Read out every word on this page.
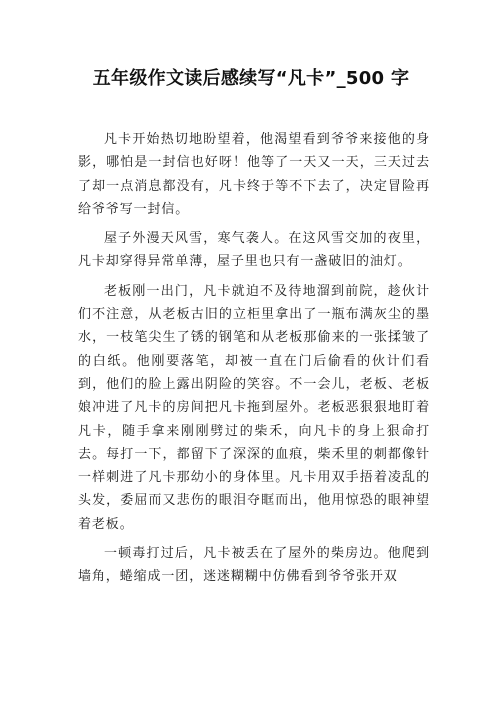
五年级作文读后感续写“凡卡”_500 字

凡卡开始热切地盼望着，他渴望看到爷爷来接他的身影，哪怕是一封信也好呀！他等了一天又一天，三天过去了却一点消息都没有，凡卡终于等不下去了，决定冒险再给爷爷写一封信。

屋子外漫天风雪，寒气袭人。在这风雪交加的夜里，凡卡却穿得异常单薄，屋子里也只有一盏破旧的油灯。

老板刚一出门，凡卡就迫不及待地溜到前院，趁伙计们不注意，从老板古旧的立柜里拿出了一瓶布满灰尘的墨水，一枝笔尖生了锈的钢笔和从老板那偷来的一张揉皱了的白纸。他刚要落笔，却被一直在门后偷看的伙计们看到，他们的脸上露出阴险的笑容。不一会儿，老板、老板娘冲进了凡卡的房间把凡卡拖到屋外。老板恶狠狠地盯着凡卡，随手拿来刚刚劈过的柴禾，向凡卡的身上狠命打去。每打一下，都留下了深深的血痕，柴禾里的刺都像针一样刺进了凡卡那幼小的身体里。凡卡用双手捂着凌乱的头发，委屈而又悲伤的眼泪夺眶而出，他用惊恐的眼神望着老板。

一顿毒打过后，凡卡被丢在了屋外的柴房边。他爬到墙角，蜷缩成一团，迷迷糊糊中仿佛看到爷爷张开双
